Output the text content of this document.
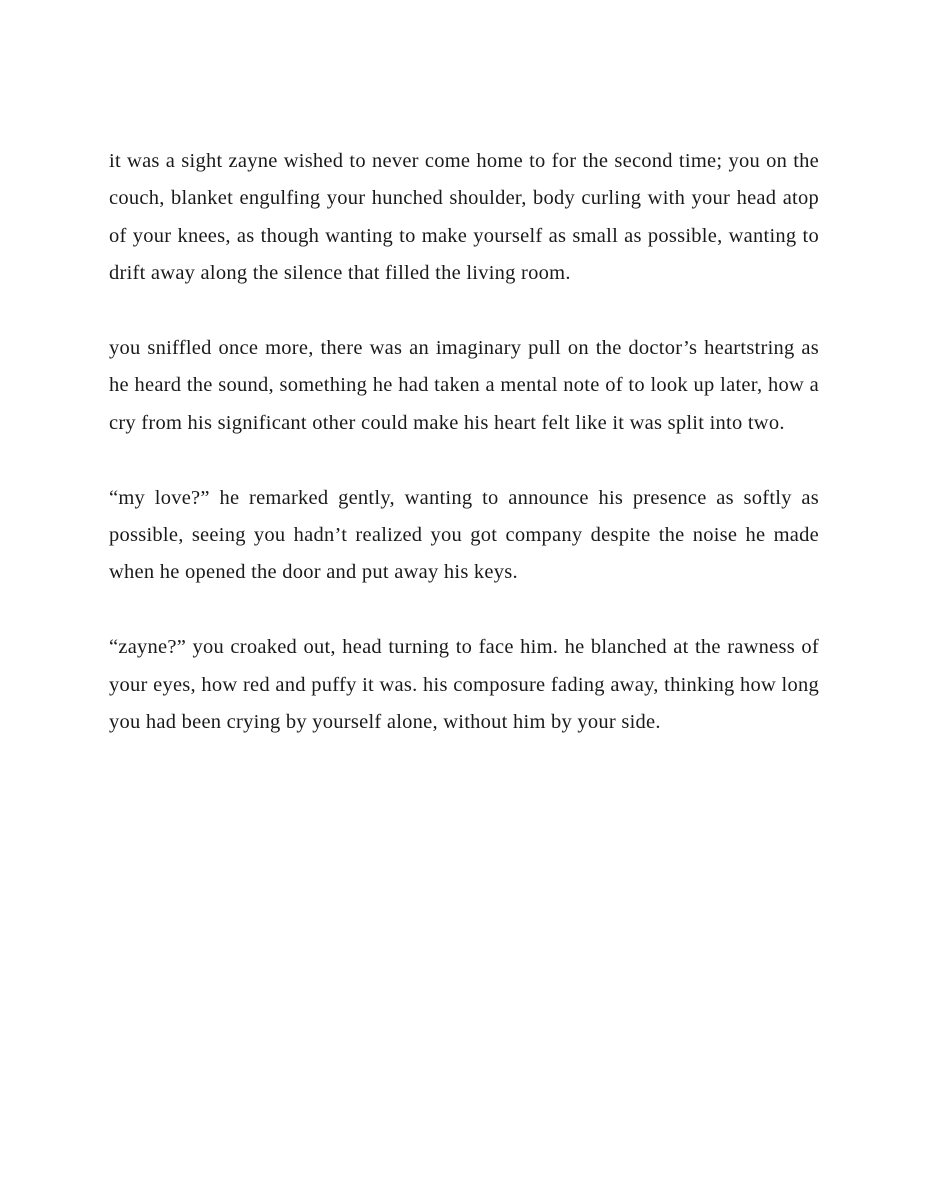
it was a sight zayne wished to never come home to for the second time; you on the couch, blanket engulfing your hunched shoulder, body curling with your head atop of your knees, as though wanting to make yourself as small as possible, wanting to drift away along the silence that filled the living room.

you sniffled once more, there was an imaginary pull on the doctor’s heartstring as he heard the sound, something he had taken a mental note of to look up later, how a cry from his significant other could make his heart felt like it was split into two.

“my love?” he remarked gently, wanting to announce his presence as softly as possible, seeing you hadn’t realized you got company despite the noise he made when he opened the door and put away his keys.

“zayne?” you croaked out, head turning to face him. he blanched at the rawness of your eyes, how red and puffy it was. his composure fading away, thinking how long you had been crying by yourself alone, without him by your side.
